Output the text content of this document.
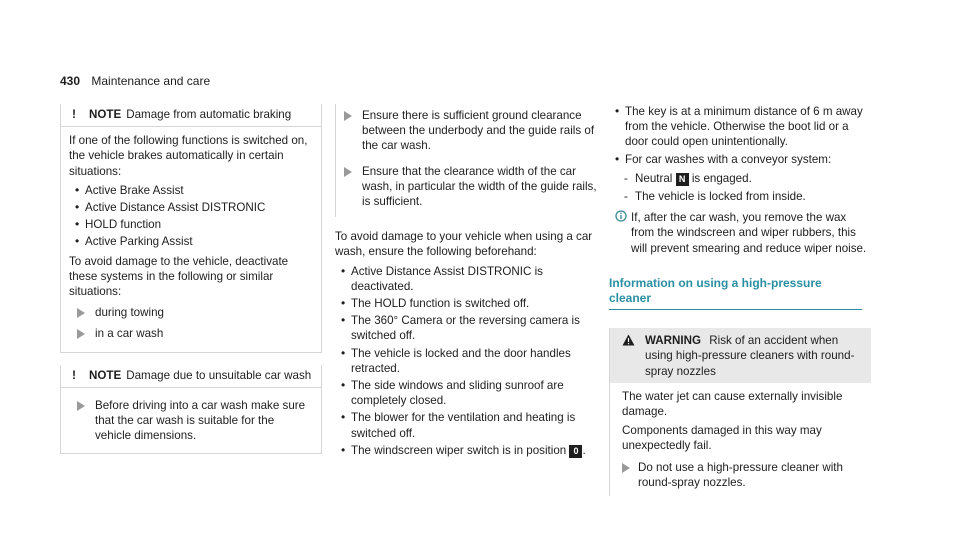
430 Maintenance and care
! NOTE Damage from automatic braking

If one of the following functions is switched on, the vehicle brakes automatically in certain situations:

• Active Brake Assist
• Active Distance Assist DISTRONIC
• HOLD function
• Active Parking Assist

To avoid damage to the vehicle, deactivate these systems in the following or similar situations:

during towing
in a car wash
! NOTE Damage due to unsuitable car wash
Before driving into a car wash make sure that the car wash is suitable for the vehicle dimensions.
Ensure there is sufficient ground clearance between the underbody and the guide rails of the car wash.
Ensure that the clearance width of the car wash, in particular the width of the guide rails, is sufficient.

To avoid damage to your vehicle when using a car wash, ensure the following beforehand:

• Active Distance Assist DISTRONIC is deactivated.
• The HOLD function is switched off.
• The 360° Camera or the reversing camera is switched off.
• The vehicle is locked and the door handles retracted.
• The side windows and sliding sunroof are completely closed.
• The blower for the ventilation and heating is switched off.
• The windscreen wiper switch is in position 0 .
• The key is at a minimum distance of 6 m away from the vehicle. Otherwise the boot lid or a door could open unintentionally.
• For car washes with a conveyor system:
- Neutral N is engaged.
- The vehicle is locked from inside.
If, after the car wash, you remove the wax from the windscreen and wiper rubbers, this will prevent smearing and reduce wiper noise.
Information on using a high-pressure cleaner
WARNING Risk of an accident when using high-pressure cleaners with round-spray nozzles

The water jet can cause externally invisible damage.

Components damaged in this way may unexpectedly fail.

Do not use a high-pressure cleaner with round-spray nozzles.
